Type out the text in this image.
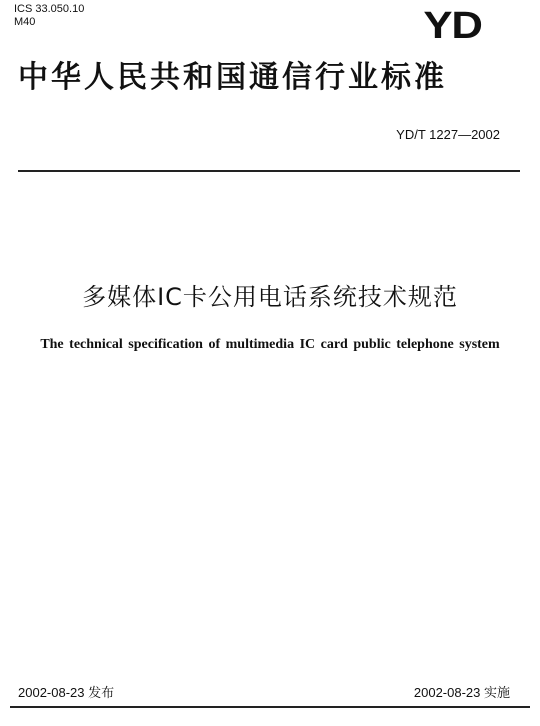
ICS 33.050.10
M40	YD
中华人民共和国通信行业标准
YD/T 1227—2002
多媒体IC卡公用电话系统技术规范
The technical specification of multimedia IC card public telephone system
2002-08-23 发布	2002-08-23 实施
